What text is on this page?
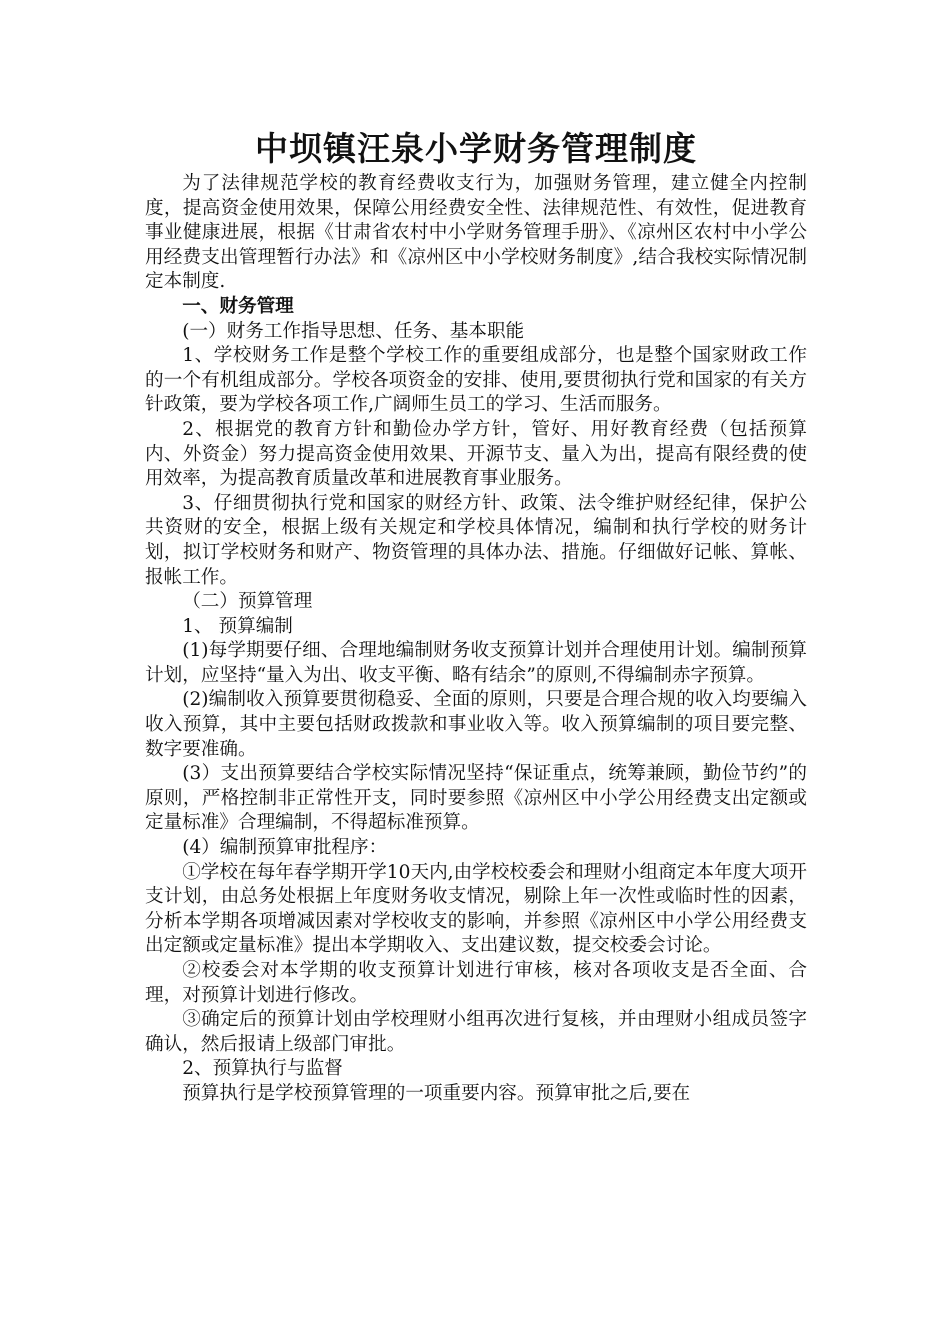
中坝镇汪泉小学财务管理制度

为了法律规范学校的教育经费收支行为，加强财务管理，建立健全内控制度，提高资金使用效果，保障公用经费安全性、法律规范性、有效性，促进教育事业健康进展，根据《甘肃省农村中小学财务管理手册》、《凉州区农村中小学公用经费支出管理暂行办法》和《凉州区中小学校财务制度》,结合我校实际情况制定本制度.

一、财务管理

(一）财务工作指导思想、任务、基本职能

1、学校财务工作是整个学校工作的重要组成部分，也是整个国家财政工作的一个有机组成部分。学校各项资金的安排、使用,要贯彻执行党和国家的有关方针政策，要为学校各项工作,广阔师生员工的学习、生活而服务。

2、根据党的教育方针和勤俭办学方针，管好、用好教育经费（包括预算内、外资金）努力提高资金使用效果、开源节支、量入为出，提高有限经费的使用效率，为提高教育质量改革和进展教育事业服务。

3、仔细贯彻执行党和国家的财经方针、政策、法令维护财经纪律，保护公共资财的安全，根据上级有关规定和学校具体情况，编制和执行学校的财务计划，拟订学校财务和财产、物资管理的具体办法、措施。仔细做好记帐、算帐、报帐工作。

（二）预算管理

1、 预算编制

(1)每学期要仔细、合理地编制财务收支预算计划并合理使用计划。编制预算计划，应坚持“量入为出、收支平衡、略有结余”的原则,不得编制赤字预算。

(2)编制收入预算要贯彻稳妥、全面的原则，只要是合理合规的收入均要编入收入预算，其中主要包括财政拨款和事业收入等。收入预算编制的项目要完整、数字要准确。

(3）支出预算要结合学校实际情况坚持“保证重点，统筹兼顾，勤俭节约”的原则，严格控制非正常性开支，同时要参照《凉州区中小学公用经费支出定额或定量标准》合理编制，不得超标准预算。

(4）编制预算审批程序：

①学校在每年春学期开学10天内,由学校校委会和理财小组商定本年度大项开支计划，由总务处根据上年度财务收支情况，剔除上年一次性或临时性的因素，分析本学期各项增减因素对学校收支的影响，并参照《凉州区中小学公用经费支出定额或定量标准》提出本学期收入、支出建议数，提交校委会讨论。

②校委会对本学期的收支预算计划进行审核，核对各项收支是否全面、合理，对预算计划进行修改。

③确定后的预算计划由学校理财小组再次进行复核，并由理财小组成员签字确认，然后报请上级部门审批。

2、预算执行与监督

预算执行是学校预算管理的一项重要内容。预算审批之后,要在
